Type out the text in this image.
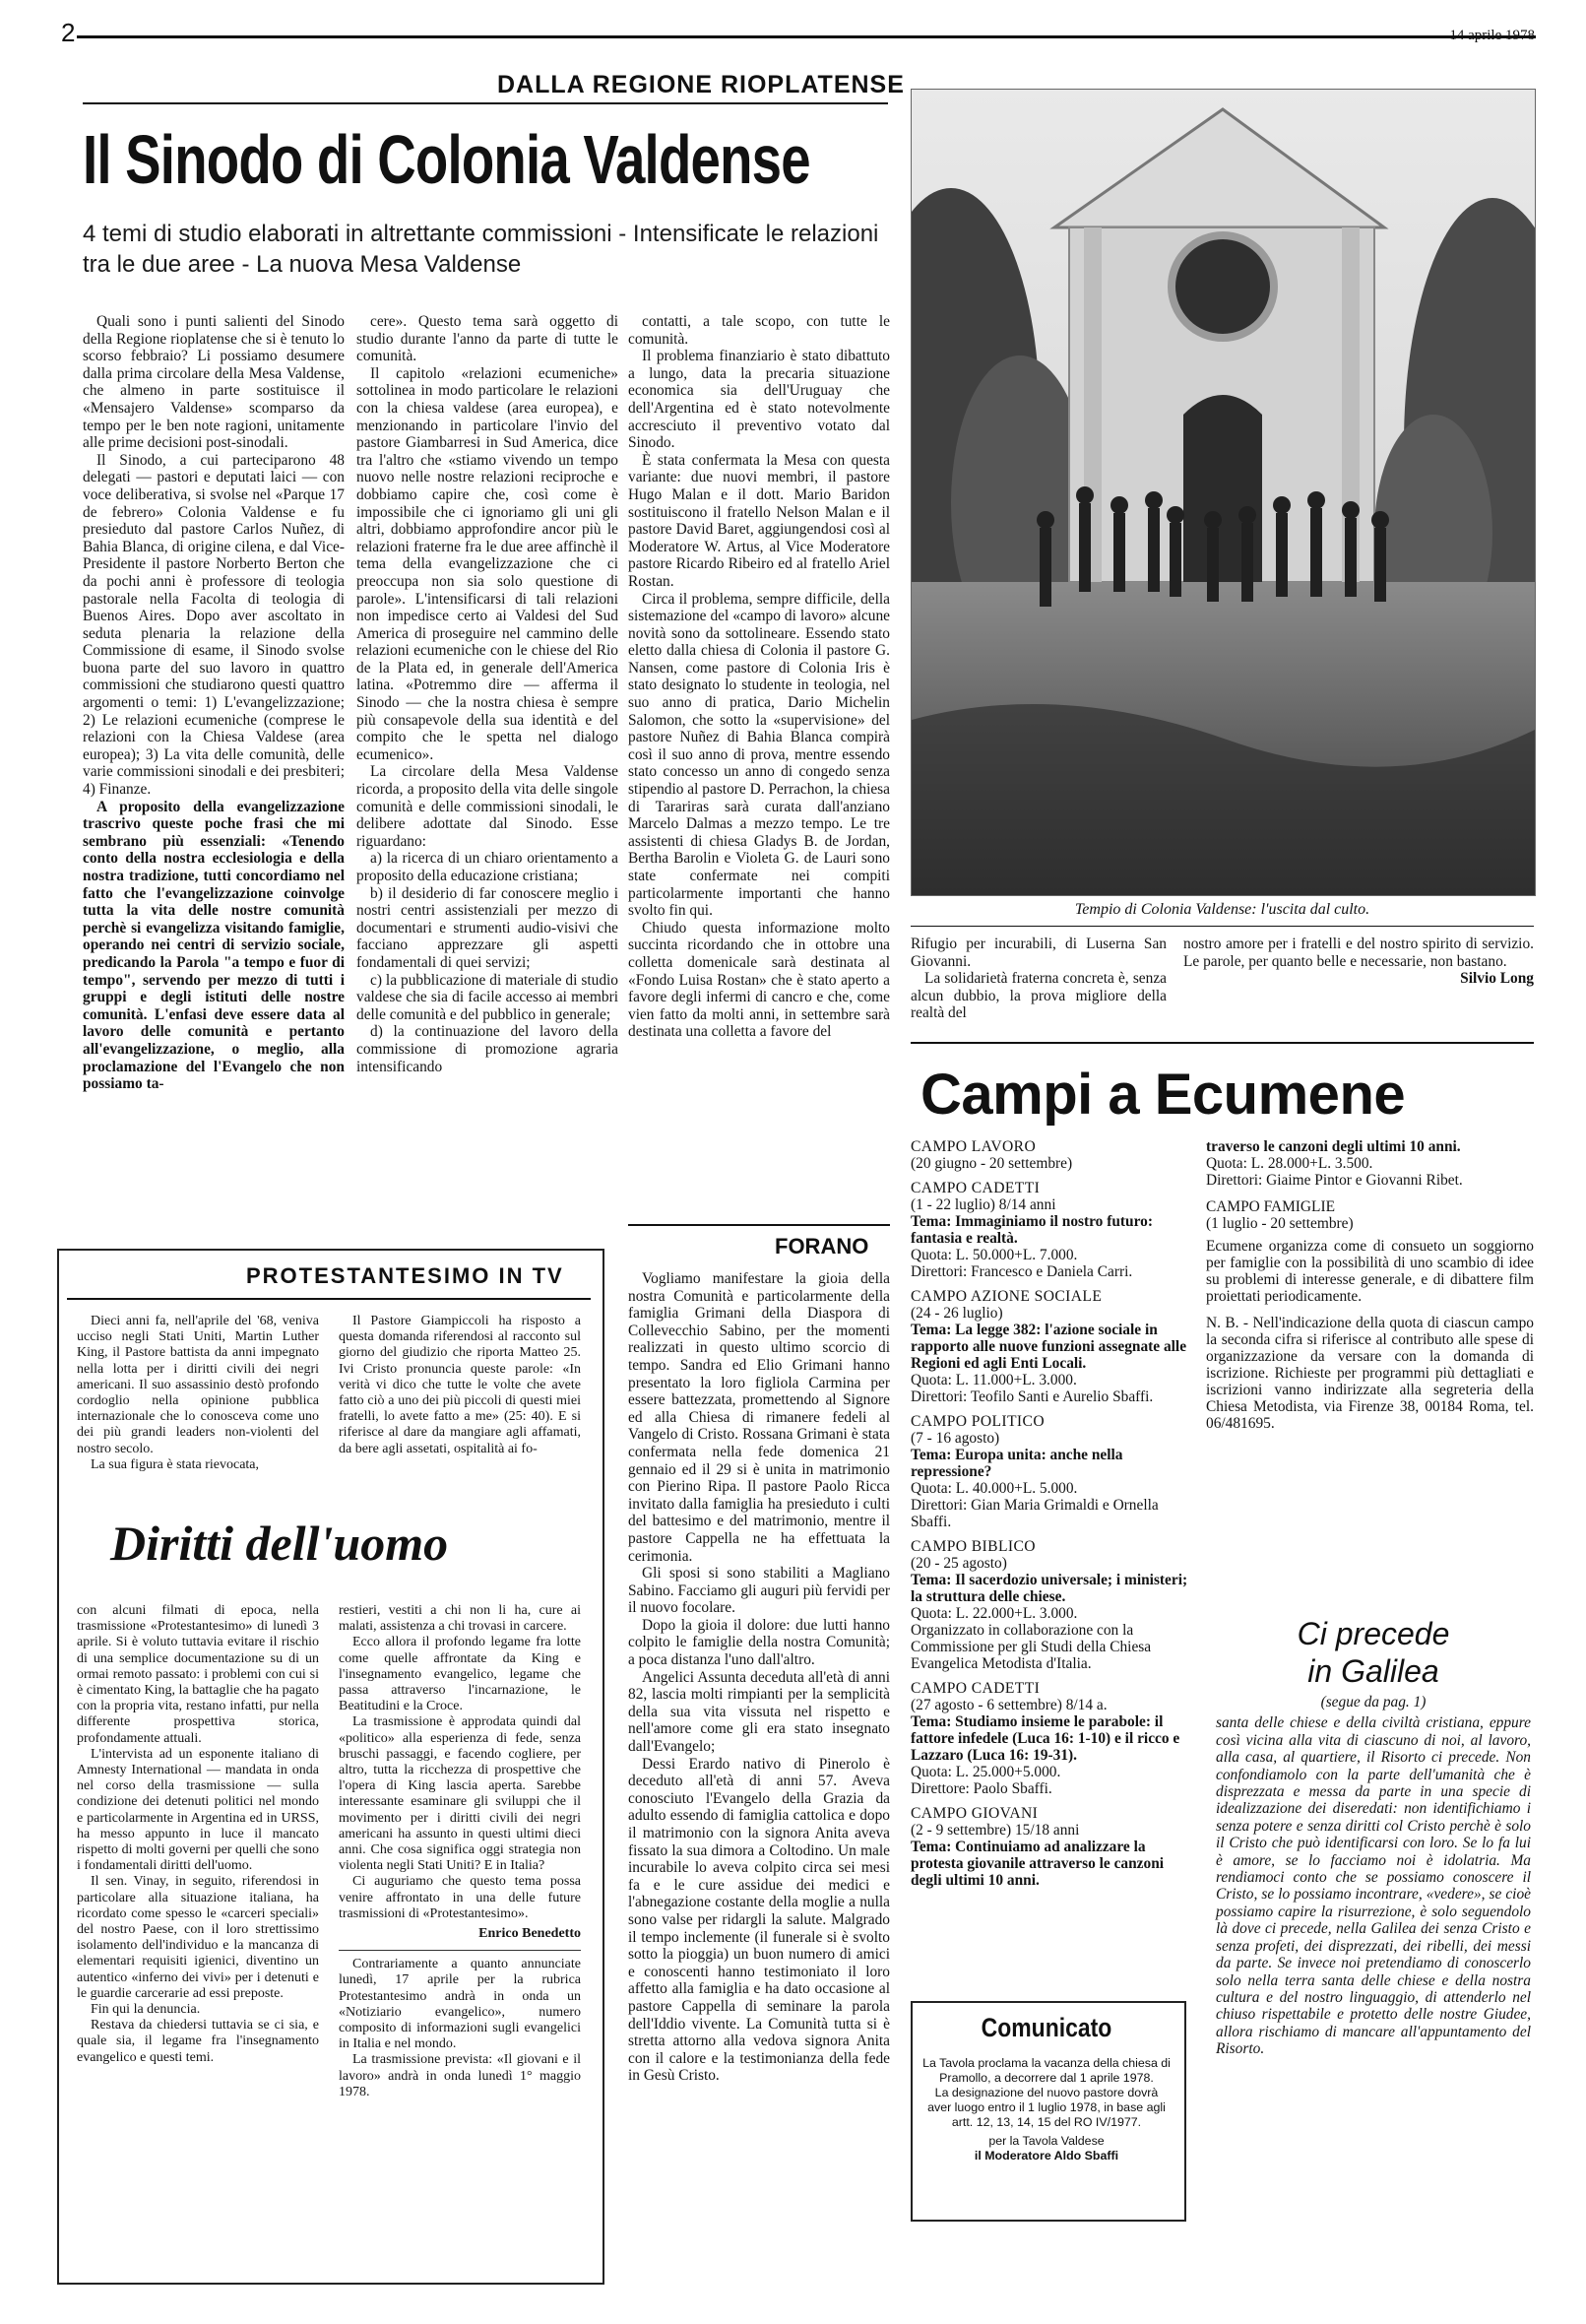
2	14 aprile 1978
DALLA REGIONE RIOPLATENSE
Il Sinodo di Colonia Valdense
4 temi di studio elaborati in altrettante commissioni - Intensificate le relazioni tra le due aree - La nuova Mesa Valdense

Quali sono i punti salienti del Sinodo della Regione rioplatense che si è tenuto lo scorso febbraio? Li possiamo desumere dalla prima circolare della Mesa Valdense, che almeno in parte sostituisce il «Mensajero Valdense» scomparso da tempo per le ben note ragioni, unitamente alle prime decisioni post-sinodali.

Il Sinodo, a cui parteciparono 48 delegati — pastori e deputati laici — con voce deliberativa, si svolse nel «Parque 17 de febrero» Colonia Valdense e fu presieduto dal pastore Carlos Nuñez, di Bahia Blanca, di origine cilena, e dal Vice-Presidente il pastore Norberto Berton che da pochi anni è professore di teologia pastorale nella Facolta di teologia di Buenos Aires. Dopo aver ascoltato in seduta plenaria la relazione della Commissione di esame, il Sinodo svolse buona parte del suo lavoro in quattro commissioni che studiarono questi quattro argomenti o temi: 1) L'evangelizzazione; 2) Le relazioni ecumeniche (comprese le relazioni con la Chiesa Valdese (area europea); 3) La vita delle comunità, delle varie commissioni sinodali e dei presbiteri; 4) Finanze.

A proposito della evangelizzazione trascrivo queste poche frasi che mi sembrano più essenziali: «Tenendo conto della nostra ecclesiologia e della nostra tradizione, tutti concordiamo nel fatto che l'evangelizzazione coinvolge tutta la vita delle nostre comunità perchè si evangelizza visitando famiglie, operando nei centri di servizio sociale, predicando la Parola "a tempo e fuor di tempo", servendo per mezzo di tutti i gruppi e degli istituti delle nostre comunità. L'enfasi deve essere data al lavoro delle comunità e pertanto all'evangelizzazione, o meglio, alla proclamazione del l'Evangelo che non possiamo ta-

cere». Questo tema sarà oggetto di studio durante l'anno da parte di tutte le comunità.

Il capitolo «relazioni ecumeniche» sottolinea in modo particolare le relazioni con la chiesa valdese (area europea), e menzionando in particolare l'invio del pastore Giambarresi in Sud America, dice tra l'altro che «stiamo vivendo un tempo nuovo nelle nostre relazioni reciproche e dobbiamo capire che, così come è impossibile che ci ignoriamo gli uni gli altri, dobbiamo approfondire ancor più le relazioni fraterne fra le due aree affinchè il tema della evangelizzazione che ci preoccupa non sia solo questione di parole». L'intensificarsi di tali relazioni non impedisce certo ai Valdesi del Sud America di proseguire nel cammino delle relazioni ecumeniche con le chiese del Rio de la Plata ed, in generale dell'America latina. «Potremmo dire — afferma il Sinodo — che la nostra chiesa è sempre più consapevole della sua identità e del compito che le spetta nel dialogo ecumenico».

La circolare della Mesa Valdense ricorda, a proposito della vita delle singole comunità e delle commissioni sinodali, le delibere adottate dal Sinodo. Esse riguardano:

a) la ricerca di un chiaro orientamento a proposito della educazione cristiana;

b) il desiderio di far conoscere meglio i nostri centri assistenziali per mezzo di documentari e strumenti audio-visivi che facciano apprezzare gli aspetti fondamentali di quei servizi;

c) la pubblicazione di materiale di studio valdese che sia di facile accesso ai membri delle comunità e del pubblico in generale;

d) la continuazione del lavoro della commissione di promozione agraria intensificando

contatti, a tale scopo, con tutte le comunità.

Il problema finanziario è stato dibattuto a lungo, data la precaria situazione economica sia dell'Uruguay che dell'Argentina ed è stato notevolmente accresciuto il preventivo votato dal Sinodo.

È stata confermata la Mesa con questa variante: due nuovi membri, il pastore Hugo Malan e il dott. Mario Baridon sostituiscono il fratello Nelson Malan e il pastore David Baret, aggiungendosi così al Moderatore W. Artus, al Vice Moderatore pastore Ricardo Ribeiro ed al fratello Ariel Rostan.

Circa il problema, sempre difficile, della sistemazione del «campo di lavoro» alcune novità sono da sottolineare. Essendo stato eletto dalla chiesa di Colonia il pastore G. Nansen, come pastore di Colonia Iris è stato designato lo studente in teologia, nel suo anno di pratica, Dario Michelin Salomon, che sotto la «supervisione» del pastore Nuñez di Bahia Blanca compirà così il suo anno di prova, mentre essendo stato concesso un anno di congedo senza stipendio al pastore D. Perrachon, la chiesa di Tarariras sarà curata dall'anziano Marcelo Dalmas a mezzo tempo. Le tre assistenti di chiesa Gladys B. de Jordan, Bertha Barolin e Violeta G. de Lauri sono state confermate nei compiti particolarmente importanti che hanno svolto fin qui.

Chiudo questa informazione molto succinta ricordando che in ottobre una colletta domenicale sarà destinata al «Fondo Luisa Rostan» che è stato aperto a favore degli infermi di cancro e che, come vien fatto da molti anni, in settembre sarà destinata una colletta a favore del

Tempio di Colonia Valdense: l'uscita dal culto.

Rifugio per incurabili, di Luserna San Giovanni.

La solidarietà fraterna concreta è, senza alcun dubbio, la prova migliore della realtà del

nostro amore per i fratelli e del nostro spirito di servizio. Le parole, per quanto belle e necessarie, non bastano.

Silvio Long

Campi a Ecumene
CAMPO LAVORO
(20 giugno - 20 settembre)
CAMPO CADETTI
(1 - 22 luglio) 8/14 anni
Tema: Immaginiamo il nostro futuro: fantasia e realtà.
Quota: L. 50.000+L. 7.000.
Direttori: Francesco e Daniela Carri.
CAMPO AZIONE SOCIALE
(24 - 26 luglio)
Tema: La legge 382: l'azione sociale in rapporto alle nuove funzioni assegnate alle Regioni ed agli Enti Locali.
Quota: L. 11.000+L. 3.000.
Direttori: Teofilo Santi e Aurelio Sbaffi.
CAMPO POLITICO
(7 - 16 agosto)
Tema: Europa unita: anche nella repressione?
Quota: L. 40.000+L. 5.000.
Direttori: Gian Maria Grimaldi e Ornella Sbaffi.
CAMPO BIBLICO
(20 - 25 agosto)
Tema: Il sacerdozio universale; i ministeri; la struttura delle chiese.
Quota: L. 22.000+L. 3.000.
Organizzato in collaborazione con la Commissione per gli Studi della Chiesa Evangelica Metodista d'Italia.
CAMPO CADETTI
(27 agosto - 6 settembre) 8/14 a.
Tema: Studiamo insieme le parabole: il fattore infedele (Luca 16: 1-10) e il ricco e Lazzaro (Luca 16: 19-31).
Quota: L. 25.000+5.000.
Direttore: Paolo Sbaffi.
CAMPO GIOVANI
(2 - 9 settembre) 15/18 anni
Tema: Continuiamo ad analizzare la protesta giovanile attraverso le canzoni degli ultimi 10 anni.
traverso le canzoni degli ultimi 10 anni.
Quota: L. 28.000+L. 3.500.
Direttori: Giaime Pintor e Giovanni Ribet.
CAMPO FAMIGLIE
(1 luglio - 20 settembre)
Ecumene organizza come di consueto un soggiorno per famiglie con la possibilità di uno scambio di idee su problemi di interesse generale, e di dibattere film proiettati periodicamente.
N. B. - Nell'indicazione della quota di ciascun campo la seconda cifra si riferisce al contributo alle spese di organizzazione da versare con la domanda di iscrizione. Richieste per programmi più dettagliati e iscrizioni vanno indirizzate alla segreteria della Chiesa Metodista, via Firenze 38, 00184 Roma, tel. 06/481695.
Ci precede
in Galilea
(segue da pag. 1)

santa delle chiese e della civiltà cristiana, eppure così vicina alla vita di ciascuno di noi, al lavoro, alla casa, al quartiere, il Risorto ci precede. Non confondiamolo con la parte dell'umanità che è disprezzata e messa da parte in una specie di idealizzazione dei diseredati: non identifichiamo i senza potere e senza diritti col Cristo perchè è solo il Cristo che può identificarsi con loro. Se lo fa lui è amore, se lo facciamo noi è idolatria. Ma rendiamoci conto che se possiamo conoscere il Cristo, se lo possiamo incontrare, «vedere», se cioè possiamo capire la risurrezione, è solo seguendolo là dove ci precede, nella Galilea dei senza Cristo e senza profeti, dei disprezzati, dei ribelli, dei messi da parte. Se invece noi pretendiamo di conoscerlo solo nella terra santa delle chiese e della nostra cultura e del nostro linguaggio, di attenderlo nel chiuso rispettabile e protetto delle nostre Giudee, allora rischiamo di mancare all'appuntamento del Risorto.

Comunicato
La Tavola proclama la vacanza della chiesa di Pramollo, a decorrere dal 1 aprile 1978.
La designazione del nuovo pastore dovrà aver luogo entro il 1 luglio 1978, in base agli artt. 12, 13, 14, 15 del RO IV/1977.
per la Tavola Valdese
il Moderatore Aldo Sbaffi
FORANO

Vogliamo manifestare la gioia della nostra Comunità e particolarmente della famiglia Grimani della Diaspora di Collevecchio Sabino, per the momenti realizzati in questo ultimo scorcio di tempo. Sandra ed Elio Grimani hanno presentato la loro figliola Carmina per essere battezzata, promettendo al Signore ed alla Chiesa di rimanere fedeli al Vangelo di Cristo. Rossana Grimani è stata confermata nella fede domenica 21 gennaio ed il 29 si è unita in matrimonio con Pierino Ripa. Il pastore Paolo Ricca invitato dalla famiglia ha presieduto i culti del battesimo e del matrimonio, mentre il pastore Cappella ne ha effettuata la cerimonia.

Gli sposi si sono stabiliti a Magliano Sabino. Facciamo gli auguri più fervidi per il nuovo focolare.

Dopo la gioia il dolore: due lutti hanno colpito le famiglie della nostra Comunità; a poca distanza l'uno dall'altro.

Angelici Assunta deceduta all'età di anni 82, lascia molti rimpianti per la semplicità della sua vita vissuta nel rispetto e nell'amore come gli era stato insegnato dall'Evangelo;

Dessi Erardo nativo di Pinerolo è deceduto all'età di anni 57. Aveva conosciuto l'Evangelo della Grazia da adulto essendo di famiglia cattolica e dopo il matrimonio con la signora Anita aveva fissato la sua dimora a Coltodino. Un male incurabile lo aveva colpito circa sei mesi fa e le cure assidue dei medici e l'abnegazione costante della moglie a nulla sono valse per ridargli la salute. Malgrado il tempo inclemente (il funerale si è svolto sotto la pioggia) un buon numero di amici e conoscenti hanno testimoniato il loro affetto alla famiglia e ha dato occasione al pastore Cappella di seminare la parola dell'Iddio vivente. La Comunità tutta si è stretta attorno alla vedova signora Anita con il calore e la testimonianza della fede in Gesù Cristo.

PROTESTANTESIMO IN TV

Dieci anni fa, nell'aprile del '68, veniva ucciso negli Stati Uniti, Martin Luther King, il Pastore battista da anni impegnato nella lotta per i diritti civili dei negri americani. Il suo assassinio destò profondo cordoglio nella opinione pubblica internazionale che lo conosceva come uno dei più grandi leaders non-violenti del nostro secolo.

La sua figura è stata rievocata,

Il Pastore Giampiccoli ha risposto a questa domanda riferendosi al racconto sul giorno del giudizio che riporta Matteo 25. Ivi Cristo pronuncia queste parole: «In verità vi dico che tutte le volte che avete fatto ciò a uno dei più piccoli di questi miei fratelli, lo avete fatto a me» (25: 40). E si riferisce al dare da mangiare agli affamati, da bere agli assetati, ospitalità ai fo-

Diritti dell'uomo

con alcuni filmati di epoca, nella trasmissione «Protestantesimo» di lunedì 3 aprile. Si è voluto tuttavia evitare il rischio di una semplice documentazione su di un ormai remoto passato: i problemi con cui si è cimentato King, la battaglie che ha pagato con la propria vita, restano infatti, pur nella differente prospettiva storica, profondamente attuali.

L'intervista ad un esponente italiano di Amnesty International — mandata in onda nel corso della trasmissione — sulla condizione dei detenuti politici nel mondo e particolarmente in Argentina ed in URSS, ha messo appunto in luce il mancato rispetto di molti governi per quelli che sono i fondamentali diritti dell'uomo.

Il sen. Vinay, in seguito, riferendosi in particolare alla situazione italiana, ha ricordato come spesso le «carceri speciali» del nostro Paese, con il loro strettissimo isolamento dell'individuo e la mancanza di elementari requisiti igienici, diventino un autentico «inferno dei vivi» per i detenuti e le guardie carcerarie ad essi preposte.

Fin qui la denuncia.

Restava da chiedersi tuttavia se ci sia, e quale sia, il legame fra l'insegnamento evangelico e questi temi.

restieri, vestiti a chi non li ha, cure ai malati, assistenza a chi trovasi in carcere.

Ecco allora il profondo legame fra lotte come quelle affrontate da King e l'insegnamento evangelico, legame che passa attraverso l'incarnazione, le Beatitudini e la Croce.

La trasmissione è approdata quindi dal «politico» alla esperienza di fede, senza bruschi passaggi, e facendo cogliere, per altro, tutta la ricchezza di prospettive che l'opera di King lascia aperta. Sarebbe interessante esaminare gli sviluppi che il movimento per i diritti civili dei negri americani ha assunto in questi ultimi dieci anni. Che cosa significa oggi strategia non violenta negli Stati Uniti? E in Italia?

Ci auguriamo che questo tema possa venire affrontato in una delle future trasmissioni di «Protestantesimo».

Enrico Benedetto

Contrariamente a quanto annunciate lunedì, 17 aprile per la rubrica Protestantesimo andrà in onda un «Notiziario evangelico», numero composito di informazioni sugli evangelici in Italia e nel mondo.

La trasmissione prevista: «Il giovani e il lavoro» andrà in onda lunedì 1° maggio 1978.
